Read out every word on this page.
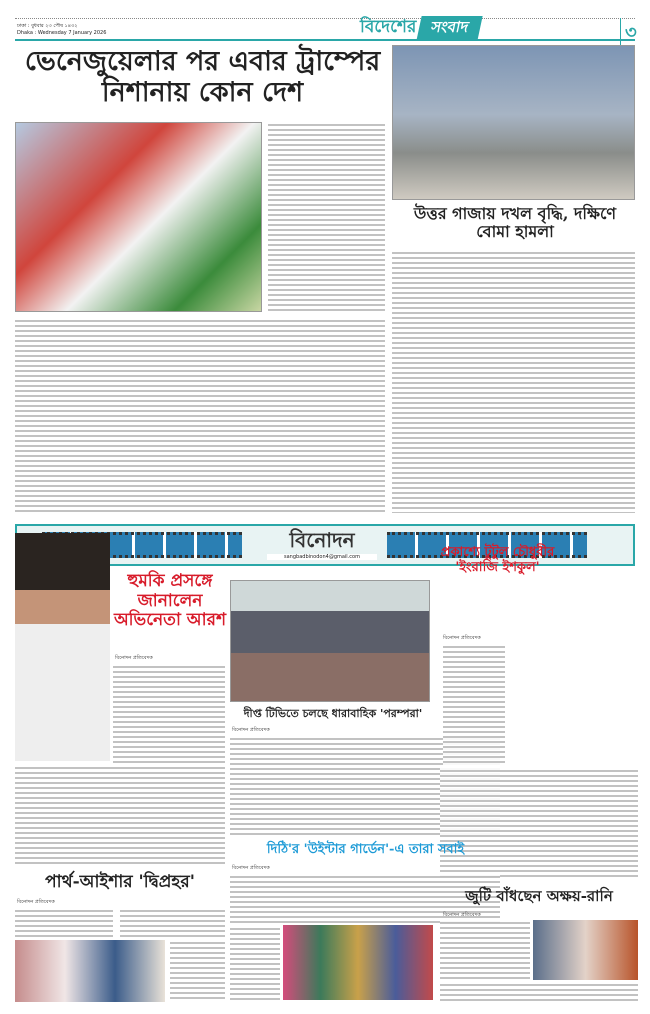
ঢাকা : বুধবার ২৩ পৌষ ১৪৩২
Dhaka : Wednesday 7 January 2026	বিদেশের সংবাদ	৩
ভেনেজুয়েলার পর এবার ট্রাম্পের নিশানায় কোন দেশ
উত্তর গাজায় দখল বৃদ্ধি, দক্ষিণে বোমা হামলা
বিনোদন
sangbadbinodon4@gmail.com
হুমকি প্রসঙ্গে জানালেন অভিনেতা আরশ
বিনোদন প্রতিবেদক
দীপ্ত টিভিতে চলছে ধারাবাহিক 'পরম্পরা'
বিনোদন প্রতিবেদক
প্রকাশ্যে টুটুল চৌধুরীর 'ইংরাজি ইশকুল'
বিনোদন প্রতিবেদক
দিঠি'র 'উইন্টার গার্ডেন'-এ তারা সবাই
বিনোদন প্রতিবেদক
পার্থ-আইশার 'দ্বিপ্রহর'
বিনোদন প্রতিবেদক	জুটি বাঁধছেন অক্ষয়-রানি
বিনোদন প্রতিবেদক
